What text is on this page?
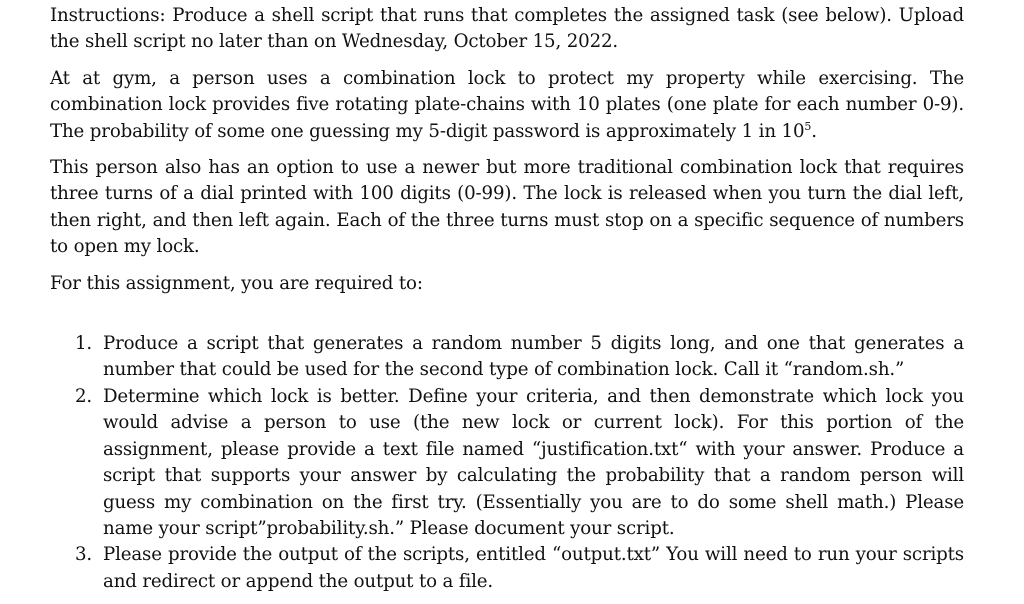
Instructions: Produce a shell script that runs that completes the assigned task (see below). Upload the shell script no later than on Wednesday, October 15, 2022.

At at gym, a person uses a combination lock to protect my property while exercising. The combination lock provides five rotating plate-chains with 10 plates (one plate for each number 0-9). The probability of some one guessing my 5-digit password is approximately 1 in $10^5$.

This person also has an option to use a newer but more traditional combination lock that requires three turns of a dial printed with 100 digits (0-99). The lock is released when you turn the dial left, then right, and then left again. Each of the three turns must stop on a specific sequence of numbers to open my lock.

For this assignment, you are required to:

1. Produce a script that generates a random number 5 digits long, and one that generates a number that could be used for the second type of combination lock. Call it “random.sh.”
2. Determine which lock is better. Define your criteria, and then demonstrate which lock you would advise a person to use (the new lock or current lock). For this portion of the assignment, please provide a text file named “justification.txt“ with your answer. Produce a script that supports your answer by calculating the probability that a random person will guess my combination on the first try. (Essentially you are to do some shell math.) Please name your script”probability.sh.” Please document your script.
3. Please provide the output of the scripts, entitled “output.txt” You will need to run your scripts and redirect or append the output to a file.
